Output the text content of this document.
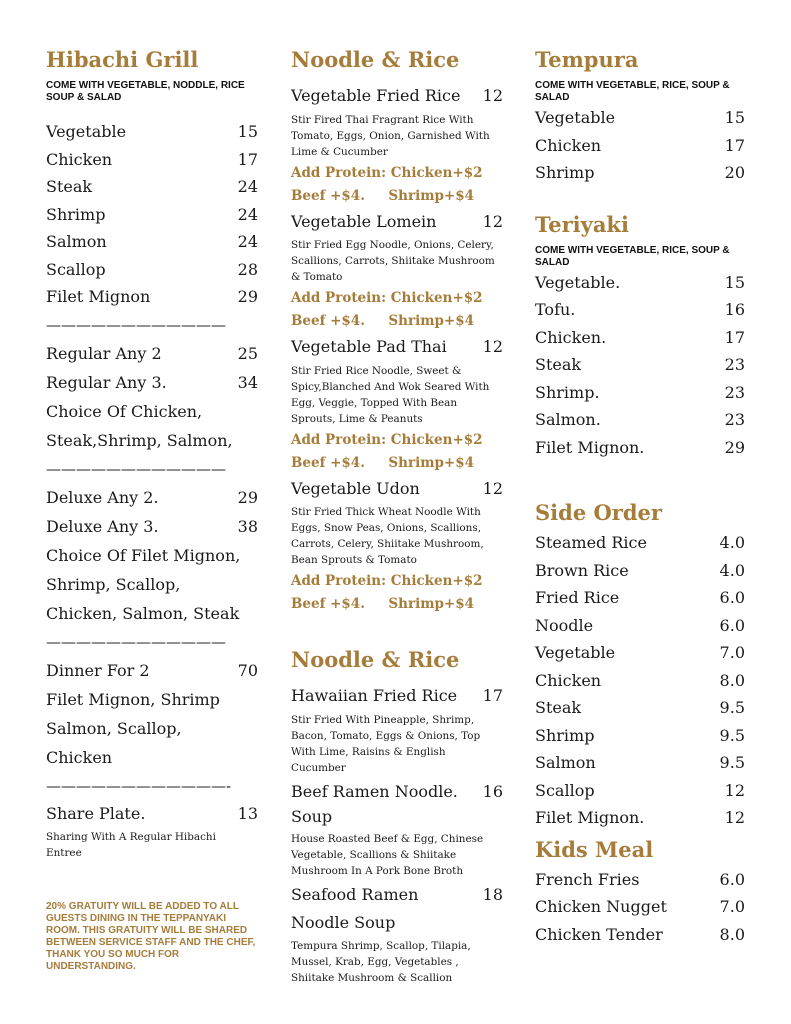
Hibachi Grill
COME WITH VEGETABLE, NODDLE, RICE SOUP & SALAD
Vegetable	15
Chicken	17
Steak	24
Shrimp	24
Salmon	24
Scallop	28
Filet Mignon	29
————————————
Regular Any 2	25
Regular Any 3.	34
Choice Of Chicken,
Steak,Shrimp, Salmon,
————————————
Deluxe Any 2.	29
Deluxe Any 3.	38
Choice Of Filet Mignon,
Shrimp, Scallop,
Chicken, Salmon, Steak
————————————
Dinner For 2	70
Filet Mignon, Shrimp
Salmon, Scallop,
Chicken
————————————-
Share Plate.	13
Sharing With A Regular Hibachi Entree
20% GRATUITY WILL BE ADDED TO ALL GUESTS DINING IN THE TEPPANYAKI ROOM. THIS GRATUITY WILL BE SHARED BETWEEN SERVICE STAFF AND THE CHEF, THANK YOU SO MUCH FOR UNDERSTANDING.
Noodle & Rice
Vegetable Fried Rice 12
Stir Fired Thai Fragrant Rice With Tomato, Eggs, Onion, Garnished With Lime & Cucumber
Add Protein: Chicken+$2
Beef +$4.     Shrimp+$4
Vegetable Lomein	12
Stir Fried Egg Noodle, Onions, Celery, Scallions, Carrots, Shiitake Mushroom & Tomato
Add Protein: Chicken+$2
Beef +$4.     Shrimp+$4
Vegetable Pad Thai 12
Stir Fried Rice Noodle, Sweet & Spicy,Blanched And Wok Seared With Egg, Veggie, Topped With Bean Sprouts, Lime & Peanuts
Add Protein: Chicken+$2
Beef +$4.     Shrimp+$4
Vegetable Udon	12
Stir Fried Thick Wheat Noodle With Eggs, Snow Peas, Onions, Scallions, Carrots, Celery, Shiitake Mushroom, Bean Sprouts & Tomato
Add Protein: Chicken+$2
Beef +$4.     Shrimp+$4
Noodle & Rice
Hawaiian Fried Rice 17
Stir Fried With Pineapple, Shrimp, Bacon, Tomato, Eggs & Onions, Top With Lime, Raisins & English Cucumber
Beef Ramen Noodle. 16
Soup
House Roasted Beef & Egg, Chinese Vegetable, Scallions & Shiitake Mushroom In A Pork Bone Broth
Seafood Ramen	18
Noodle Soup
Tempura Shrimp, Scallop, Tilapia, Mussel, Krab, Egg, Vegetables , Shiitake Mushroom & Scallion
Tempura
COME WITH VEGETABLE, RICE, SOUP & SALAD
Vegetable	15
Chicken	17
Shrimp	20
Teriyaki
COME WITH VEGETABLE, RICE, SOUP & SALAD
Vegetable.	15
Tofu.	16
Chicken.	17
Steak	23
Shrimp.	23
Salmon.	23
Filet Mignon.	29
Side Order
Steamed Rice	4.0
Brown Rice	4.0
Fried Rice	6.0
Noodle	6.0
Vegetable	7.0
Chicken	8.0
Steak	9.5
Shrimp	9.5
Salmon	9.5
Scallop	12
Filet Mignon.	12
Kids Meal
French Fries	6.0
Chicken Nugget	7.0
Chicken Tender	8.0
